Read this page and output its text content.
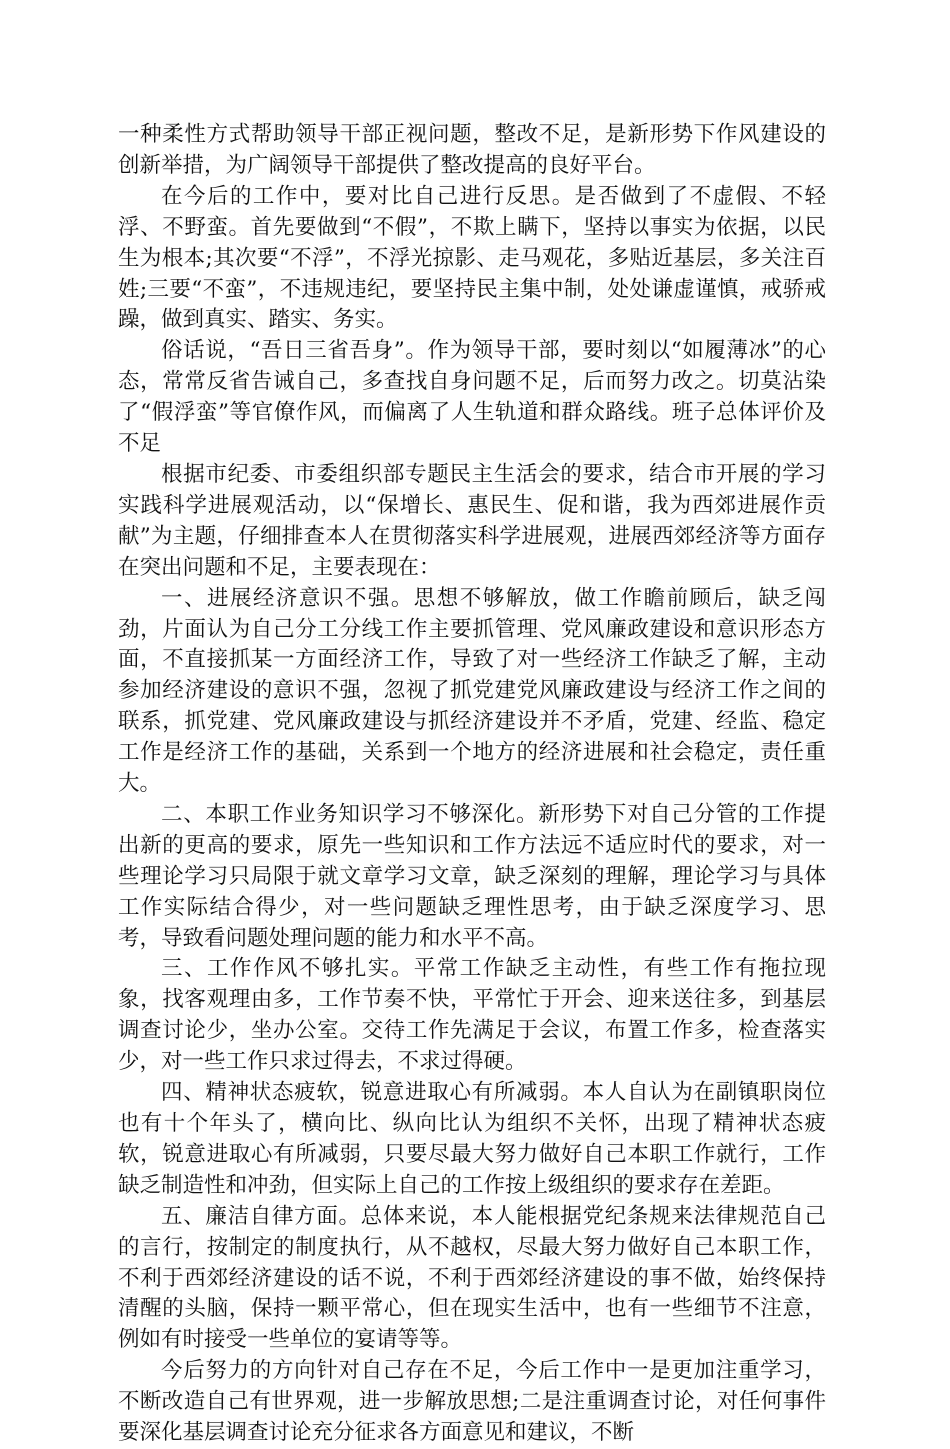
一种柔性方式帮助领导干部正视问题，整改不足，是新形势下作风建设的创新举措，为广阔领导干部提供了整改提高的良好平台。

在今后的工作中，要对比自己进行反思。是否做到了不虚假、不轻浮、不野蛮。首先要做到“不假”，不欺上瞒下，坚持以事实为依据，以民生为根本;其次要“不浮”，不浮光掠影、走马观花，多贴近基层，多关注百姓;三要“不蛮”，不违规违纪，要坚持民主集中制，处处谦虚谨慎，戒骄戒躁，做到真实、踏实、务实。

俗话说，“吾日三省吾身”。作为领导干部，要时刻以“如履薄冰”的心态，常常反省告诫自己，多查找自身问题不足，后而努力改之。切莫沾染了“假浮蛮”等官僚作风，而偏离了人生轨道和群众路线。班子总体评价及不足

根据市纪委、市委组织部专题民主生活会的要求，结合市开展的学习实践科学进展观活动，以“保增长、惠民生、促和谐，我为西郊进展作贡献”为主题，仔细排查本人在贯彻落实科学进展观，进展西郊经济等方面存在突出问题和不足，主要表现在：

一、进展经济意识不强。思想不够解放，做工作瞻前顾后，缺乏闯劲，片面认为自己分工分线工作主要抓管理、党风廉政建设和意识形态方面，不直接抓某一方面经济工作，导致了对一些经济工作缺乏了解，主动参加经济建设的意识不强，忽视了抓党建党风廉政建设与经济工作之间的联系，抓党建、党风廉政建设与抓经济建设并不矛盾，党建、经监、稳定工作是经济工作的基础，关系到一个地方的经济进展和社会稳定，责任重大。

二、本职工作业务知识学习不够深化。新形势下对自己分管的工作提出新的更高的要求，原先一些知识和工作方法远不适应时代的要求，对一些理论学习只局限于就文章学习文章，缺乏深刻的理解，理论学习与具体工作实际结合得少，对一些问题缺乏理性思考，由于缺乏深度学习、思考，导致看问题处理问题的能力和水平不高。

三、工作作风不够扎实。平常工作缺乏主动性，有些工作有拖拉现象，找客观理由多，工作节奏不快，平常忙于开会、迎来送往多，到基层调查讨论少，坐办公室。交待工作先满足于会议，布置工作多，检查落实少，对一些工作只求过得去，不求过得硬。

四、精神状态疲软，锐意进取心有所减弱。本人自认为在副镇职岗位也有十个年头了，横向比、纵向比认为组织不关怀，出现了精神状态疲软，锐意进取心有所减弱，只要尽最大努力做好自己本职工作就行，工作缺乏制造性和冲劲，但实际上自己的工作按上级组织的要求存在差距。

五、廉洁自律方面。总体来说，本人能根据党纪条规来法律规范自己的言行，按制定的制度执行，从不越权，尽最大努力做好自己本职工作，不利于西郊经济建设的话不说，不利于西郊经济建设的事不做，始终保持清醒的头脑，保持一颗平常心，但在现实生活中，也有一些细节不注意，例如有时接受一些单位的宴请等等。

今后努力的方向针对自己存在不足，今后工作中一是更加注重学习，不断改造自己有世界观，进一步解放思想;二是注重调查讨论，对任何事件要深化基层调查讨论充分征求各方面意见和建议，不断
